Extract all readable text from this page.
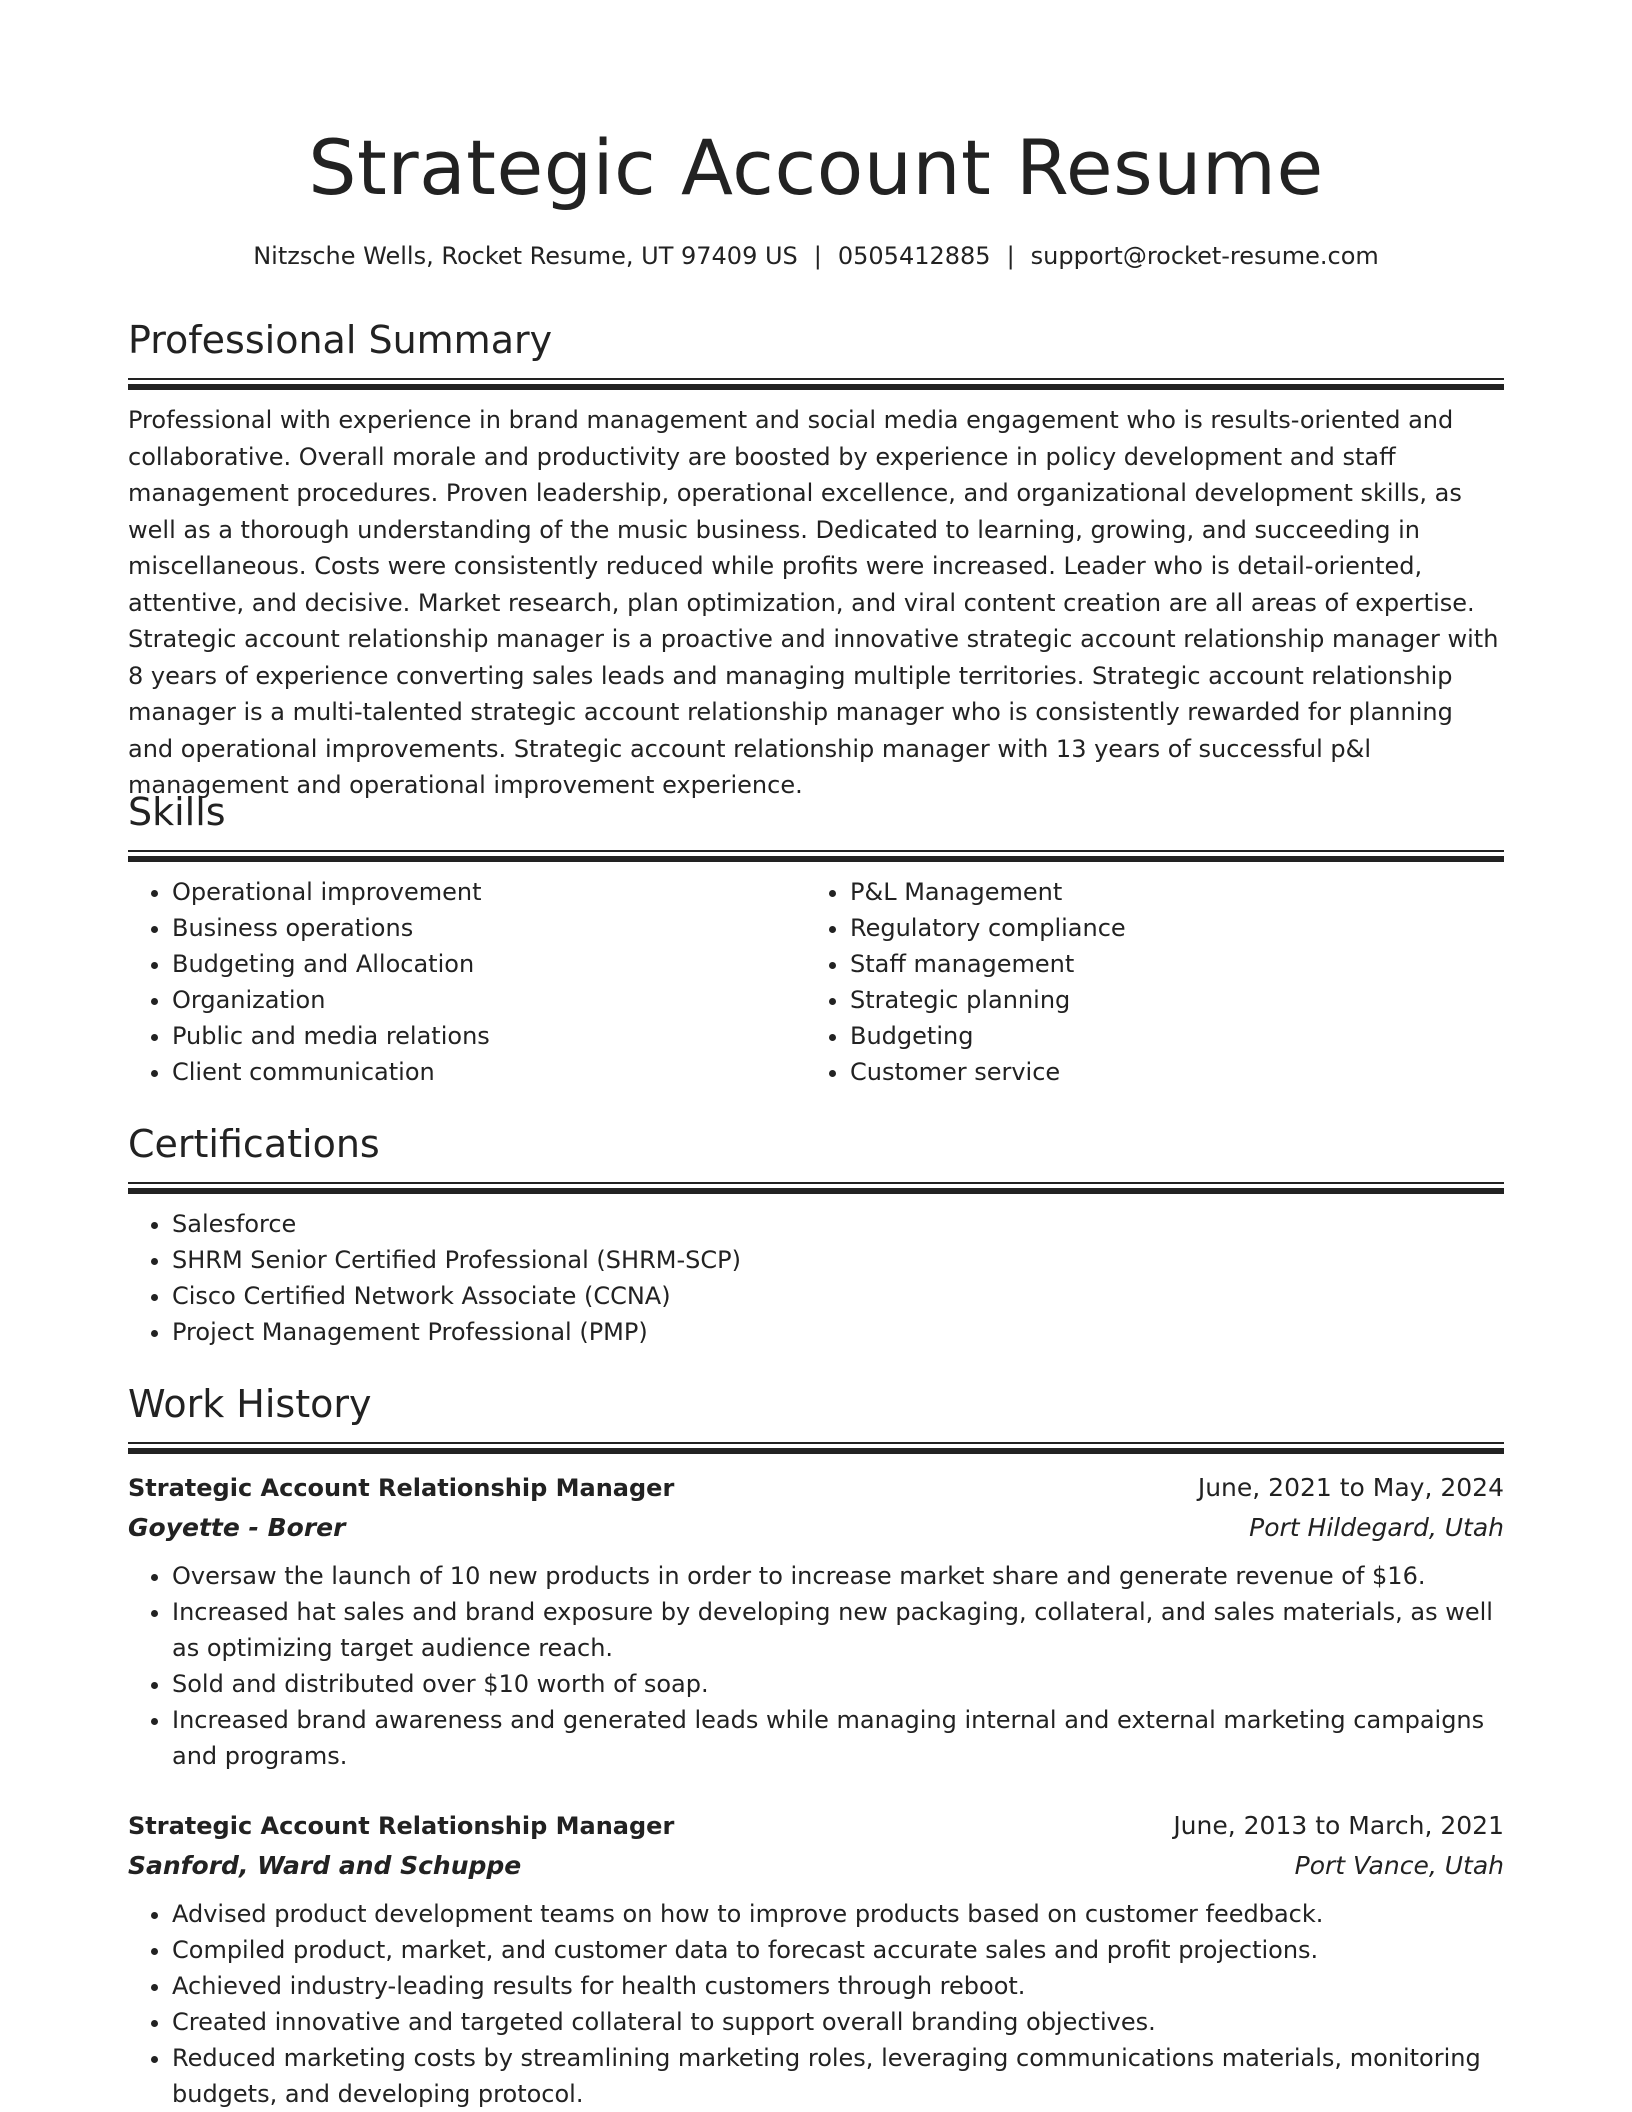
Strategic Account Resume
Nitzsche Wells, Rocket Resume, UT 97409 US | 0505412885 | support@rocket-resume.com
Professional Summary
Professional with experience in brand management and social media engagement who is results-oriented and collaborative. Overall morale and productivity are boosted by experience in policy development and staff management procedures. Proven leadership, operational excellence, and organizational development skills, as well as a thorough understanding of the music business. Dedicated to learning, growing, and succeeding in miscellaneous. Costs were consistently reduced while profits were increased. Leader who is detail-oriented, attentive, and decisive. Market research, plan optimization, and viral content creation are all areas of expertise. Strategic account relationship manager is a proactive and innovative strategic account relationship manager with 8 years of experience converting sales leads and managing multiple territories. Strategic account relationship manager is a multi-talented strategic account relationship manager who is consistently rewarded for planning and operational improvements. Strategic account relationship manager with 13 years of successful p&l management and operational improvement experience.
Skills
• Operational improvement
• Business operations
• Budgeting and Allocation
• Organization
• Public and media relations
• Client communication
• P&L Management
• Regulatory compliance
• Staff management
• Strategic planning
• Budgeting
• Customer service
Certifications
• Salesforce
• SHRM Senior Certified Professional (SHRM-SCP)
• Cisco Certified Network Associate (CCNA)
• Project Management Professional (PMP)
Work History
Strategic Account Relationship Manager	June, 2021 to May, 2024
Goyette - Borer	Port Hildegard, Utah
• Oversaw the launch of 10 new products in order to increase market share and generate revenue of $16.
• Increased hat sales and brand exposure by developing new packaging, collateral, and sales materials, as well as optimizing target audience reach.
• Sold and distributed over $10 worth of soap.
• Increased brand awareness and generated leads while managing internal and external marketing campaigns and programs.
Strategic Account Relationship Manager	June, 2013 to March, 2021
Sanford, Ward and Schuppe	Port Vance, Utah
• Advised product development teams on how to improve products based on customer feedback.
• Compiled product, market, and customer data to forecast accurate sales and profit projections.
• Achieved industry-leading results for health customers through reboot.
• Created innovative and targeted collateral to support overall branding objectives.
• Reduced marketing costs by streamlining marketing roles, leveraging communications materials, monitoring budgets, and developing protocol.
